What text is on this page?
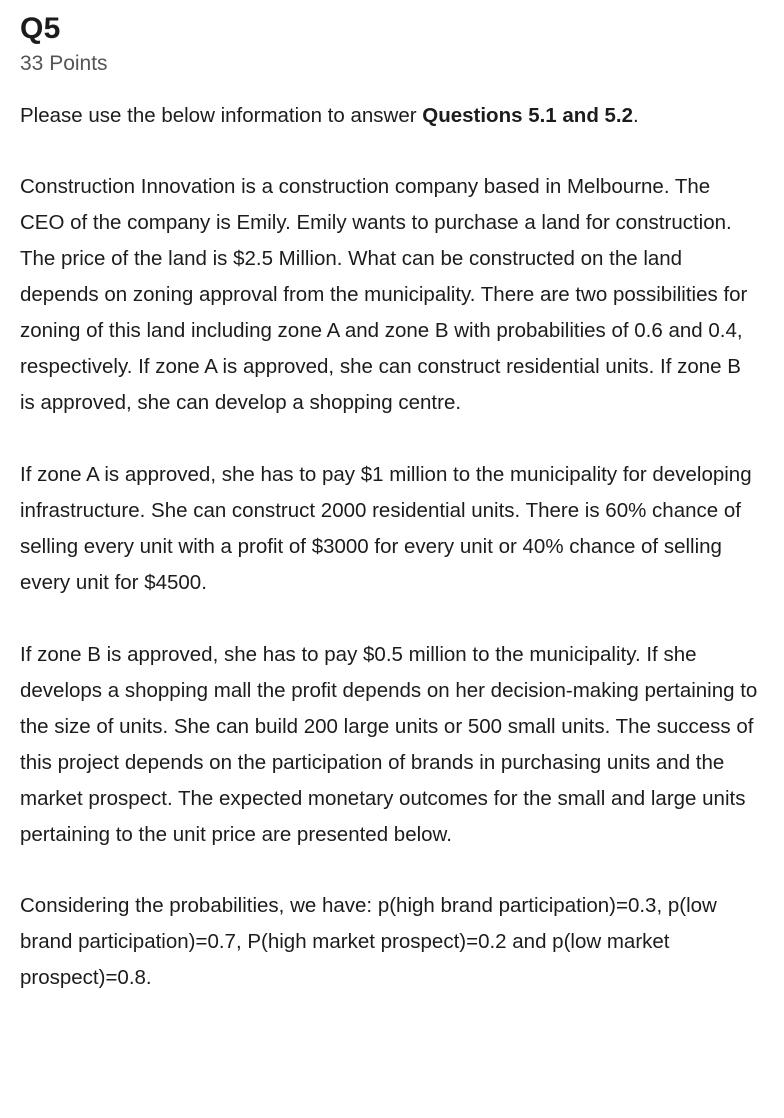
Q5
33 Points

Please use the below information to answer Questions 5.1 and 5.2.

Construction Innovation is a construction company based in Melbourne. The CEO of the company is Emily. Emily wants to purchase a land for construction. The price of the land is $2.5 Million. What can be constructed on the land depends on zoning approval from the municipality. There are two possibilities for zoning of this land including zone A and zone B with probabilities of 0.6 and 0.4, respectively. If zone A is approved, she can construct residential units. If zone B is approved, she can develop a shopping centre.

If zone A is approved, she has to pay $1 million to the municipality for developing infrastructure. She can construct 2000 residential units. There is 60% chance of selling every unit with a profit of $3000 for every unit or 40% chance of selling every unit for $4500.

If zone B is approved, she has to pay $0.5 million to the municipality. If she develops a shopping mall the profit depends on her decision-making pertaining to the size of units. She can build 200 large units or 500 small units. The success of this project depends on the participation of brands in purchasing units and the market prospect. The expected monetary outcomes for the small and large units pertaining to the unit price are presented below.

Considering the probabilities, we have: p(high brand participation)=0.3, p(low brand participation)=0.7, P(high market prospect)=0.2 and p(low market prospect)=0.8.
